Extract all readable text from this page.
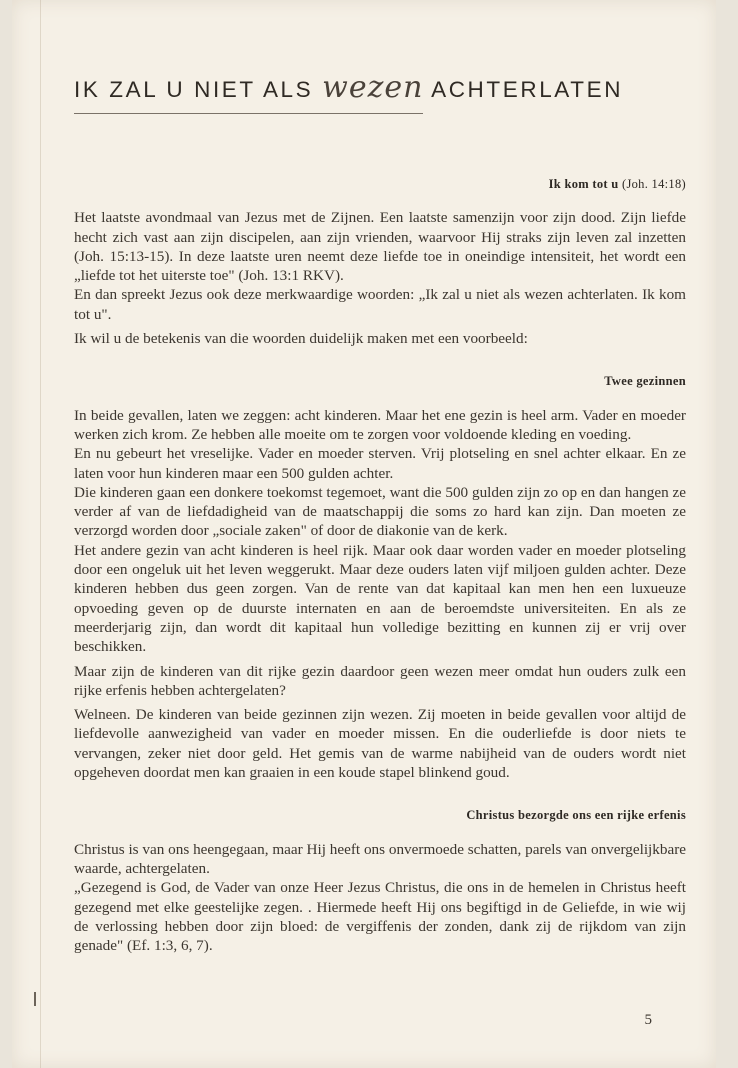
IK ZAL U NIET ALS wezen ACHTERLATEN
Ik kom tot u (Joh. 14:18)

Het laatste avondmaal van Jezus met de Zijnen. Een laatste samenzijn voor zijn dood. Zijn liefde hecht zich vast aan zijn discipelen, aan zijn vrienden, waarvoor Hij straks zijn leven zal inzetten (Joh. 15:13-15). In deze laatste uren neemt deze liefde toe in oneindige intensiteit, het wordt een „liefde tot het uiterste toe" (Joh. 13:1 RKV).

En dan spreekt Jezus ook deze merkwaardige woorden: „Ik zal u niet als wezen achterlaten. Ik kom tot u".

Ik wil u de betekenis van die woorden duidelijk maken met een voorbeeld:

Twee gezinnen

In beide gevallen, laten we zeggen: acht kinderen. Maar het ene gezin is heel arm. Vader en moeder werken zich krom. Ze hebben alle moeite om te zorgen voor voldoende kleding en voeding.

En nu gebeurt het vreselijke. Vader en moeder sterven. Vrij plotseling en snel achter elkaar. En ze laten voor hun kinderen maar een 500 gulden achter.

Die kinderen gaan een donkere toekomst tegemoet, want die 500 gulden zijn zo op en dan hangen ze verder af van de liefdadigheid van de maatschappij die soms zo hard kan zijn. Dan moeten ze verzorgd worden door „sociale zaken" of door de diakonie van de kerk.

Het andere gezin van acht kinderen is heel rijk. Maar ook daar worden vader en moeder plotseling door een ongeluk uit het leven weggerukt. Maar deze ouders laten vijf miljoen gulden achter. Deze kinderen hebben dus geen zorgen. Van de rente van dat kapitaal kan men hen een luxueuze opvoeding geven op de duurste internaten en aan de beroemdste universiteiten. En als ze meerderjarig zijn, dan wordt dit kapitaal hun volledige bezitting en kunnen zij er vrij over beschikken.

Maar zijn de kinderen van dit rijke gezin daardoor geen wezen meer omdat hun ouders zulk een rijke erfenis hebben achtergelaten?

Welneen. De kinderen van beide gezinnen zijn wezen. Zij moeten in beide gevallen voor altijd de liefdevolle aanwezigheid van vader en moeder missen. En die ouderliefde is door niets te vervangen, zeker niet door geld. Het gemis van de warme nabijheid van de ouders wordt niet opgeheven doordat men kan graaien in een koude stapel blinkend goud.

Christus bezorgde ons een rijke erfenis

Christus is van ons heengegaan, maar Hij heeft ons onvermoede schatten, parels van onvergelijkbare waarde, achtergelaten.

„Gezegend is God, de Vader van onze Heer Jezus Christus, die ons in de hemelen in Christus heeft gezegend met elke geestelijke zegen. . Hiermede heeft Hij ons begiftigd in de Geliefde, in wie wij de verlossing hebben door zijn bloed: de vergiffenis der zonden, dank zij de rijkdom van zijn genade" (Ef. 1:3, 6, 7).

5
